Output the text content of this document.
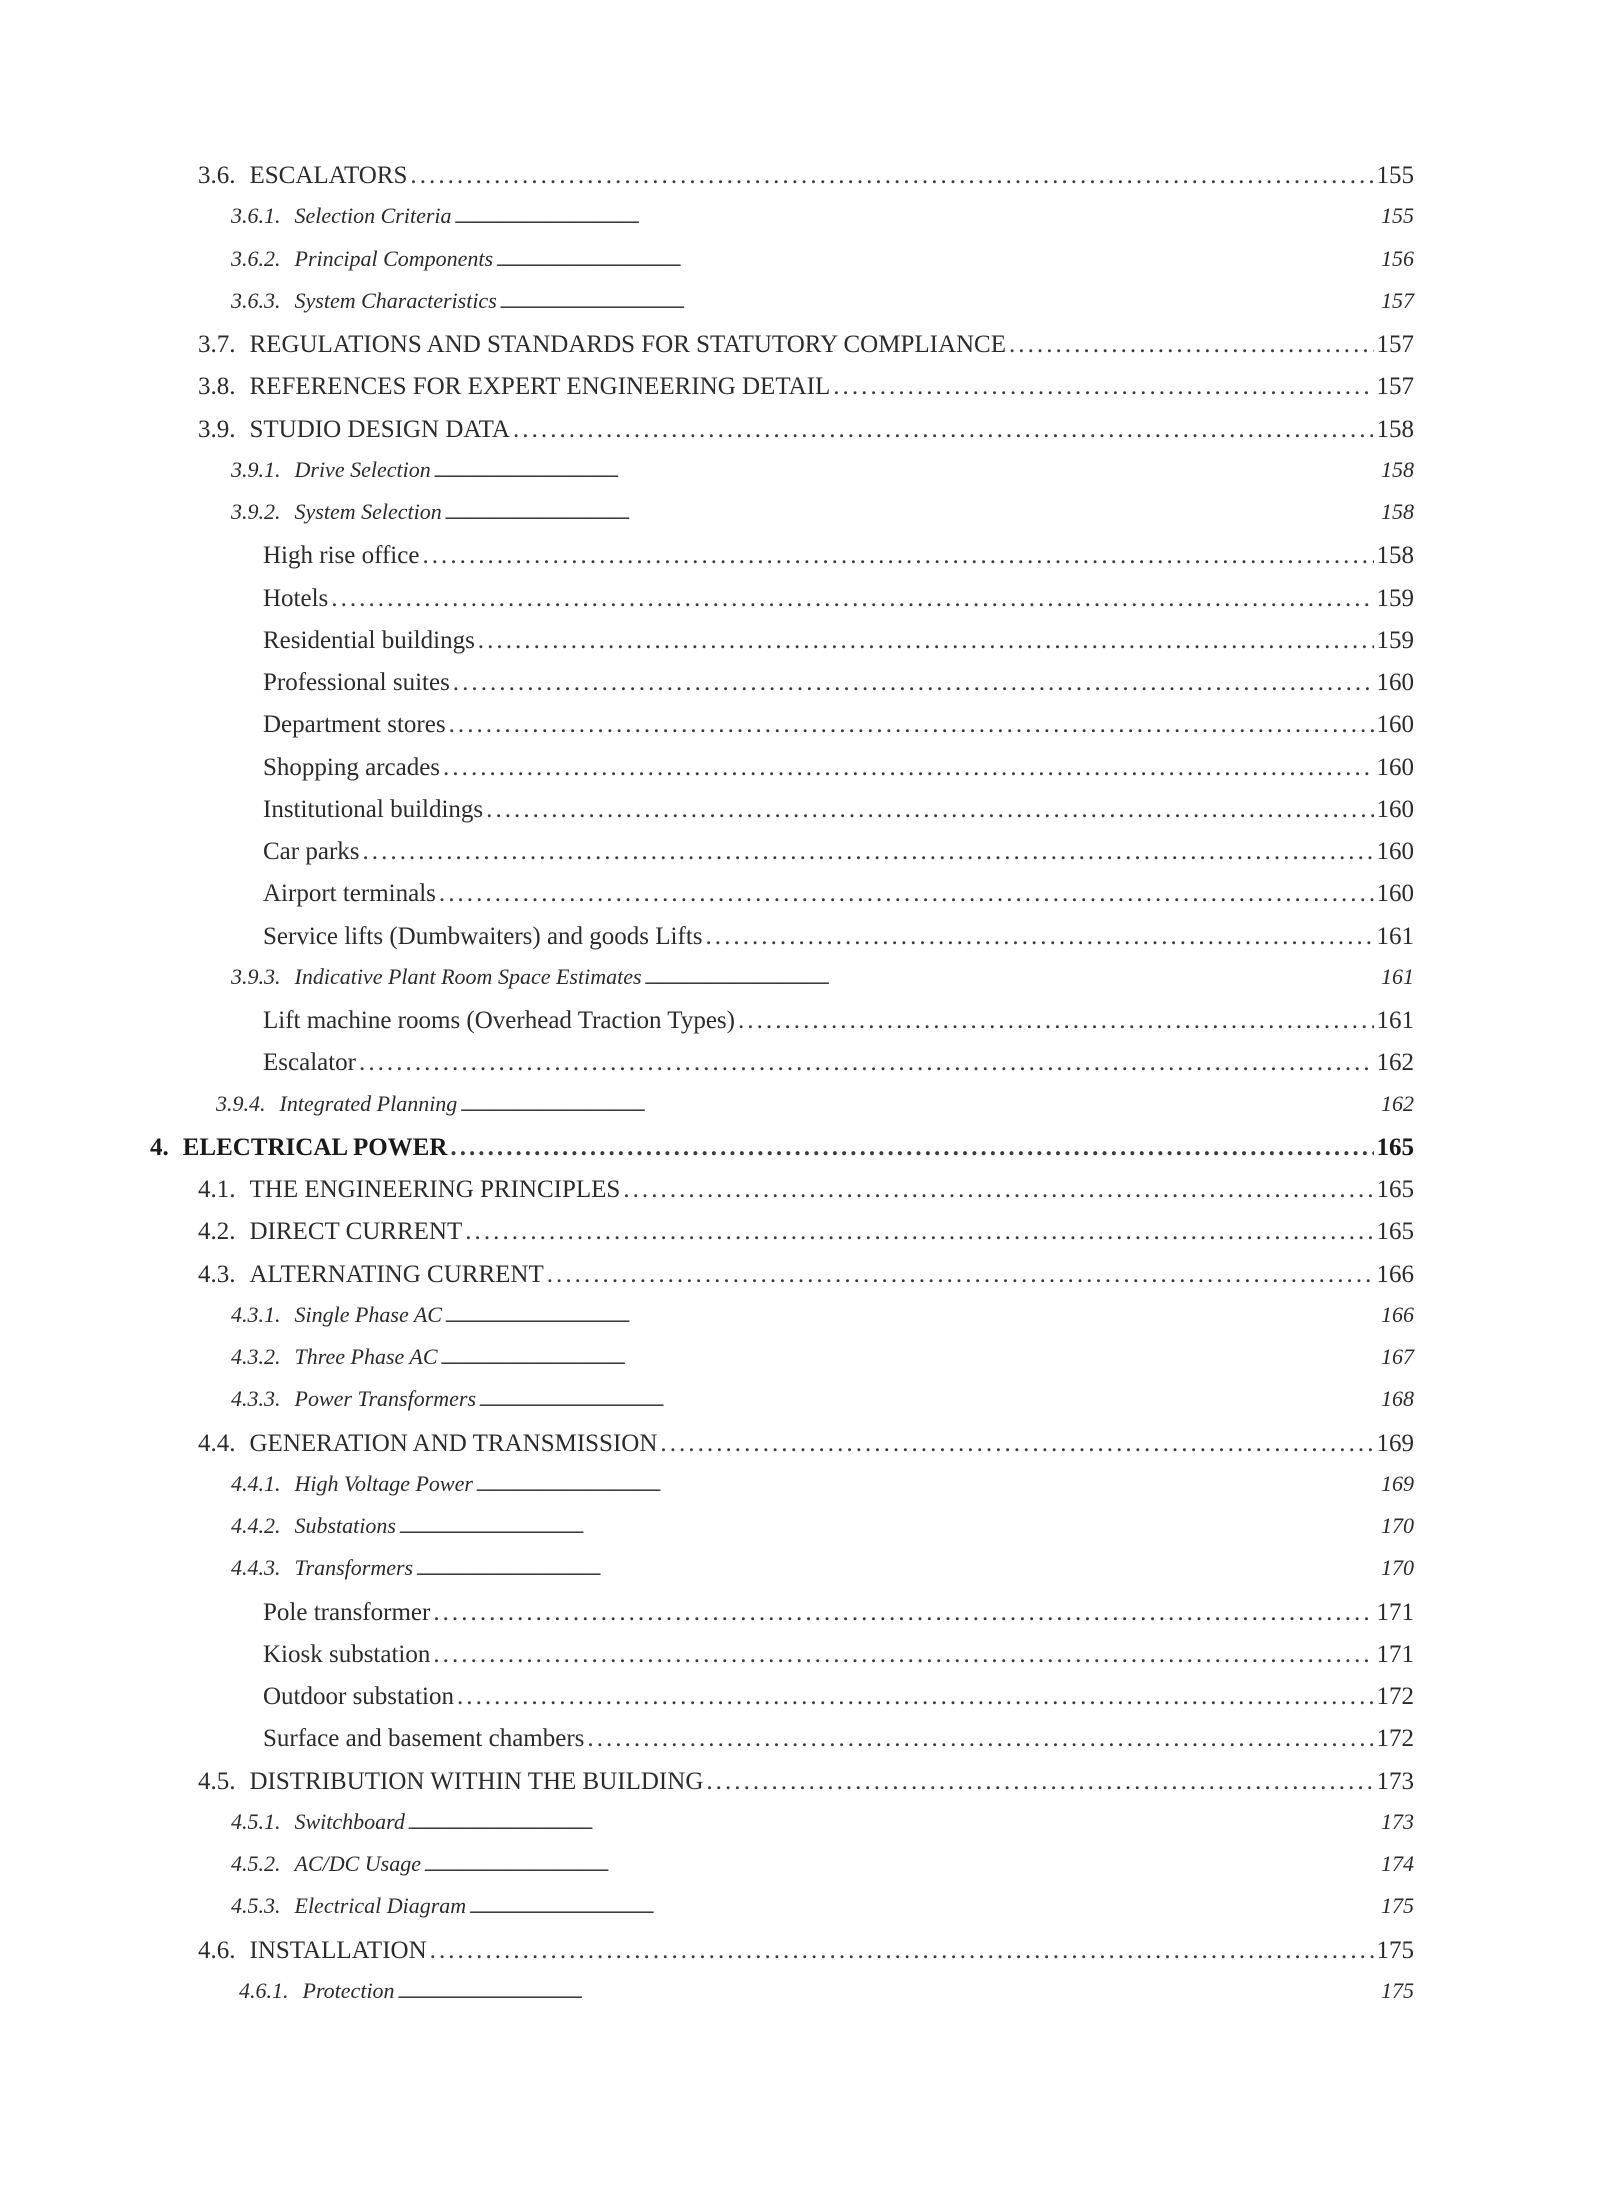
3.6. ESCALATORS . . .	155
3.6.1. Selection Criteria . . .	155
3.6.2. Principal Components . . .	156
3.6.3. System Characteristics . . .	157
3.7. REGULATIONS AND STANDARDS FOR STATUTORY COMPLIANCE . . .	157
3.8. REFERENCES FOR EXPERT ENGINEERING DETAIL . . .	157
3.9. STUDIO DESIGN DATA . . .	158
3.9.1. Drive Selection . . .	158
3.9.2. System Selection . . .	158
High rise office . . .	158
Hotels . . .	159
Residential buildings . . .	159
Professional suites . . .	160
Department stores . . .	160
Shopping arcades . . .	160
Institutional buildings . . .	160
Car parks . . .	160
Airport terminals . . .	160
Service lifts (Dumbwaiters) and goods Lifts . . .	161
3.9.3. Indicative Plant Room Space Estimates . . .	161
Lift machine rooms (Overhead Traction Types) . . .	161
Escalator . . .	162
3.9.4. Integrated Planning . . .	162
4. ELECTRICAL POWER . . .	165
4.1. THE ENGINEERING PRINCIPLES . . .	165
4.2. DIRECT CURRENT . . .	165
4.3. ALTERNATING CURRENT . . .	166
4.3.1. Single Phase AC . . .	166
4.3.2. Three Phase AC . . .	167
4.3.3. Power Transformers . . .	168
4.4. GENERATION AND TRANSMISSION . . .	169
4.4.1. High Voltage Power . . .	169
4.4.2. Substations . . .	170
4.4.3. Transformers . . .	170
Pole transformer . . .	171
Kiosk substation . . .	171
Outdoor substation . . .	172
Surface and basement chambers . . .	172
4.5. DISTRIBUTION WITHIN THE BUILDING . . .	173
4.5.1. Switchboard . . .	173
4.5.2. AC/DC Usage . . .	174
4.5.3. Electrical Diagram . . .	175
4.6. INSTALLATION . . .	175
4.6.1. Protection . . .	175
